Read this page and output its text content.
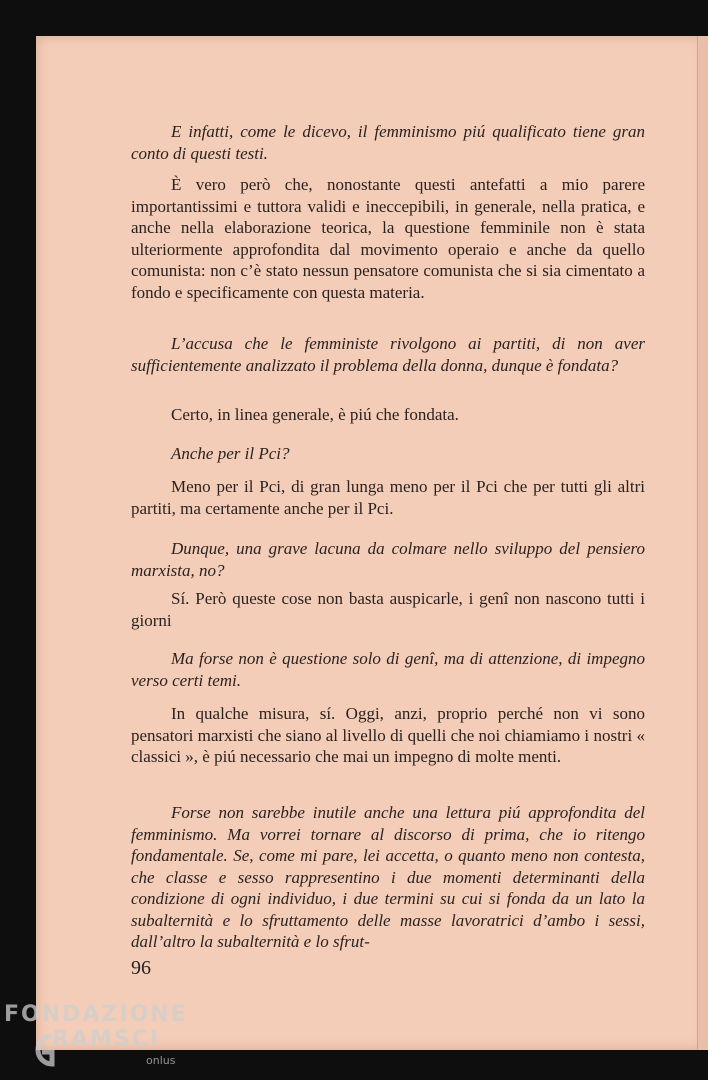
E infatti, come le dicevo, il femminismo piú qualificato tiene gran conto di questi testi.
È vero però che, nonostante questi antefatti a mio parere importantissimi e tuttora validi e ineccepibili, in generale, nella pratica, e anche nella elaborazione teorica, la questione femminile non è stata ulteriormente approfondita dal movimento operaio e anche da quello comunista: non c’è stato nessun pensatore comunista che si sia cimentato a fondo e specificamente con questa materia.
L’accusa che le femministe rivolgono ai partiti, di non aver sufficientemente analizzato il problema della donna, dunque è fondata?
Certo, in linea generale, è piú che fondata.
Anche per il Pci?
Meno per il Pci, di gran lunga meno per il Pci che per tutti gli altri partiti, ma certamente anche per il Pci.
Dunque, una grave lacuna da colmare nello sviluppo del pensiero marxista, no?
Sí. Però queste cose non basta auspicarle, i genî non nascono tutti i giorni
Ma forse non è questione solo di genî, ma di attenzione, di impegno verso certi temi.
In qualche misura, sí. Oggi, anzi, proprio perché non vi sono pensatori marxisti che siano al livello di quelli che noi chiamiamo i nostri « classici », è piú necessario che mai un impegno di molte menti.
Forse non sarebbe inutile anche una lettura piú approfondita del femminismo. Ma vorrei tornare al discorso di prima, che io ritengo fondamentale. Se, come mi pare, lei accetta, o quanto meno non contesta, che classe e sesso rappresentino i due momenti determinanti della condizione di ogni individuo, i due termini su cui si fonda da un lato la subalternità e lo sfruttamento delle masse lavoratrici d’ambo i sessi, dall’altro la subalternità e lo sfrut-
96
FONDAZIONE
RAMSCI
onlus
